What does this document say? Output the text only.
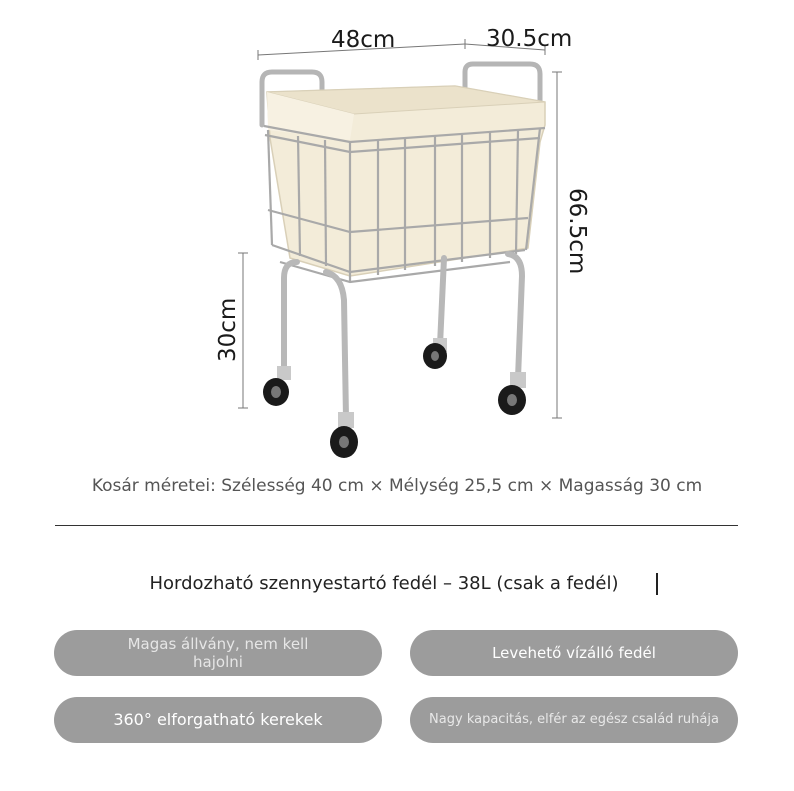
48cm	30.5cm
66.5cm
30cm
Kosár méretei: Szélesség 40 cm × Mélység 25,5 cm × Magasság 30 cm
Hordozható szennyestartó fedél – 38L (csak a fedél)
Magas állvány, nem kell hajolni	Levehető vízálló fedél
360° elforgatható kerekek	Nagy kapacitás, elfér az egész család ruhája
